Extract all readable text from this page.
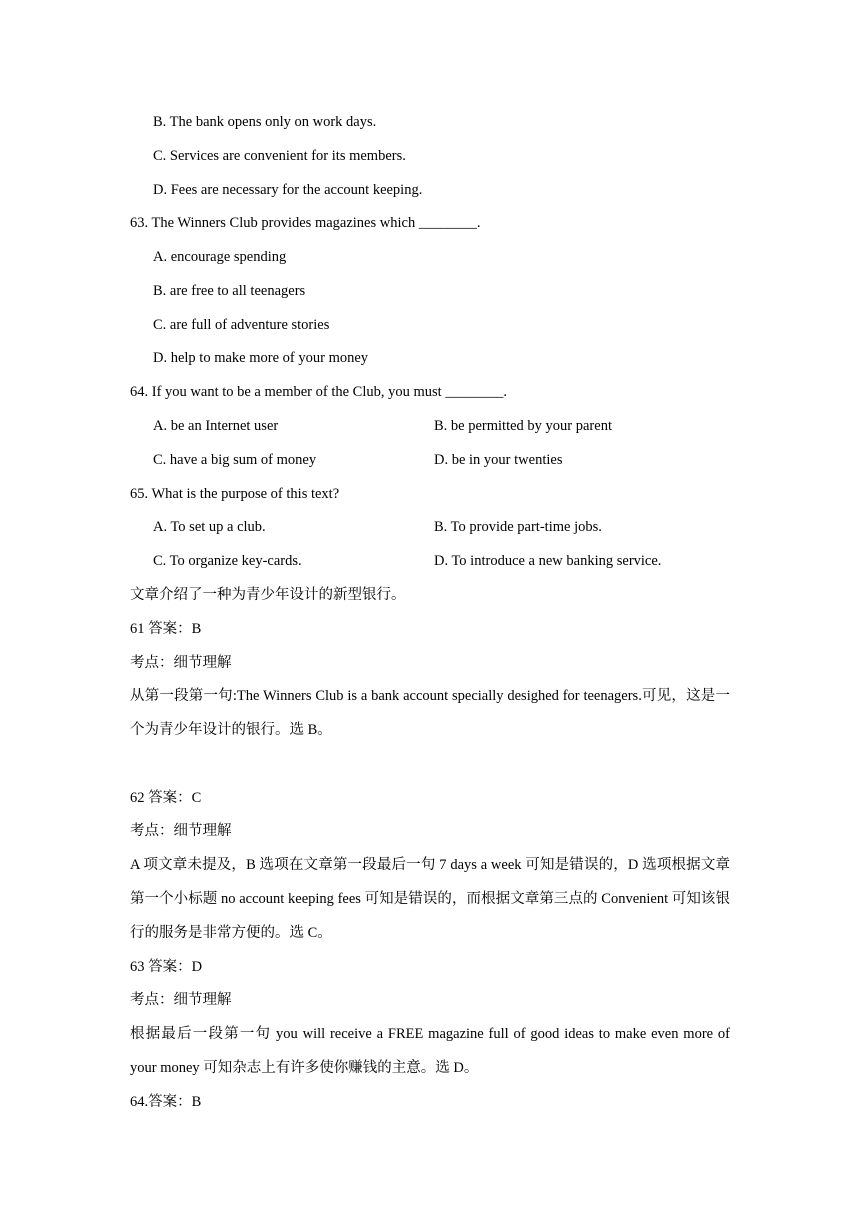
B. The bank opens only on work days.
C. Services are convenient for its members.
D. Fees are necessary for the account keeping.
63. The Winners Club provides magazines which ________.
A. encourage spending
B. are free to all teenagers
C. are full of adventure stories
D. help to make more of your money
64. If you want to be a member of the Club, you must ________.
A. be an Internet user	B. be permitted by your parent
C. have a big sum of money	D. be in your twenties
65. What is the purpose of this text?
A. To set up a club.	B. To provide part-time jobs.
C. To organize key-cards.	D. To introduce a new banking service.
文章介绍了一种为青少年设计的新型银行。
61 答案：B
考点：细节理解
从第一段第一句:The Winners Club is a bank account specially desighed for teenagers.可见，这是一个为青少年设计的银行。选 B。
62 答案：C
考点：细节理解
A 项文章未提及，B 选项在文章第一段最后一句 7 days a week 可知是错误的，D 选项根据文章第一个小标题 no account keeping fees 可知是错误的，而根据文章第三点的 Convenient 可知该银行的服务是非常方便的。选 C。
63 答案：D
考点：细节理解
根据最后一段第一句 you will receive a FREE magazine full of good ideas to make even more of your money 可知杂志上有许多使你赚钱的主意。选 D。
64.答案：B
